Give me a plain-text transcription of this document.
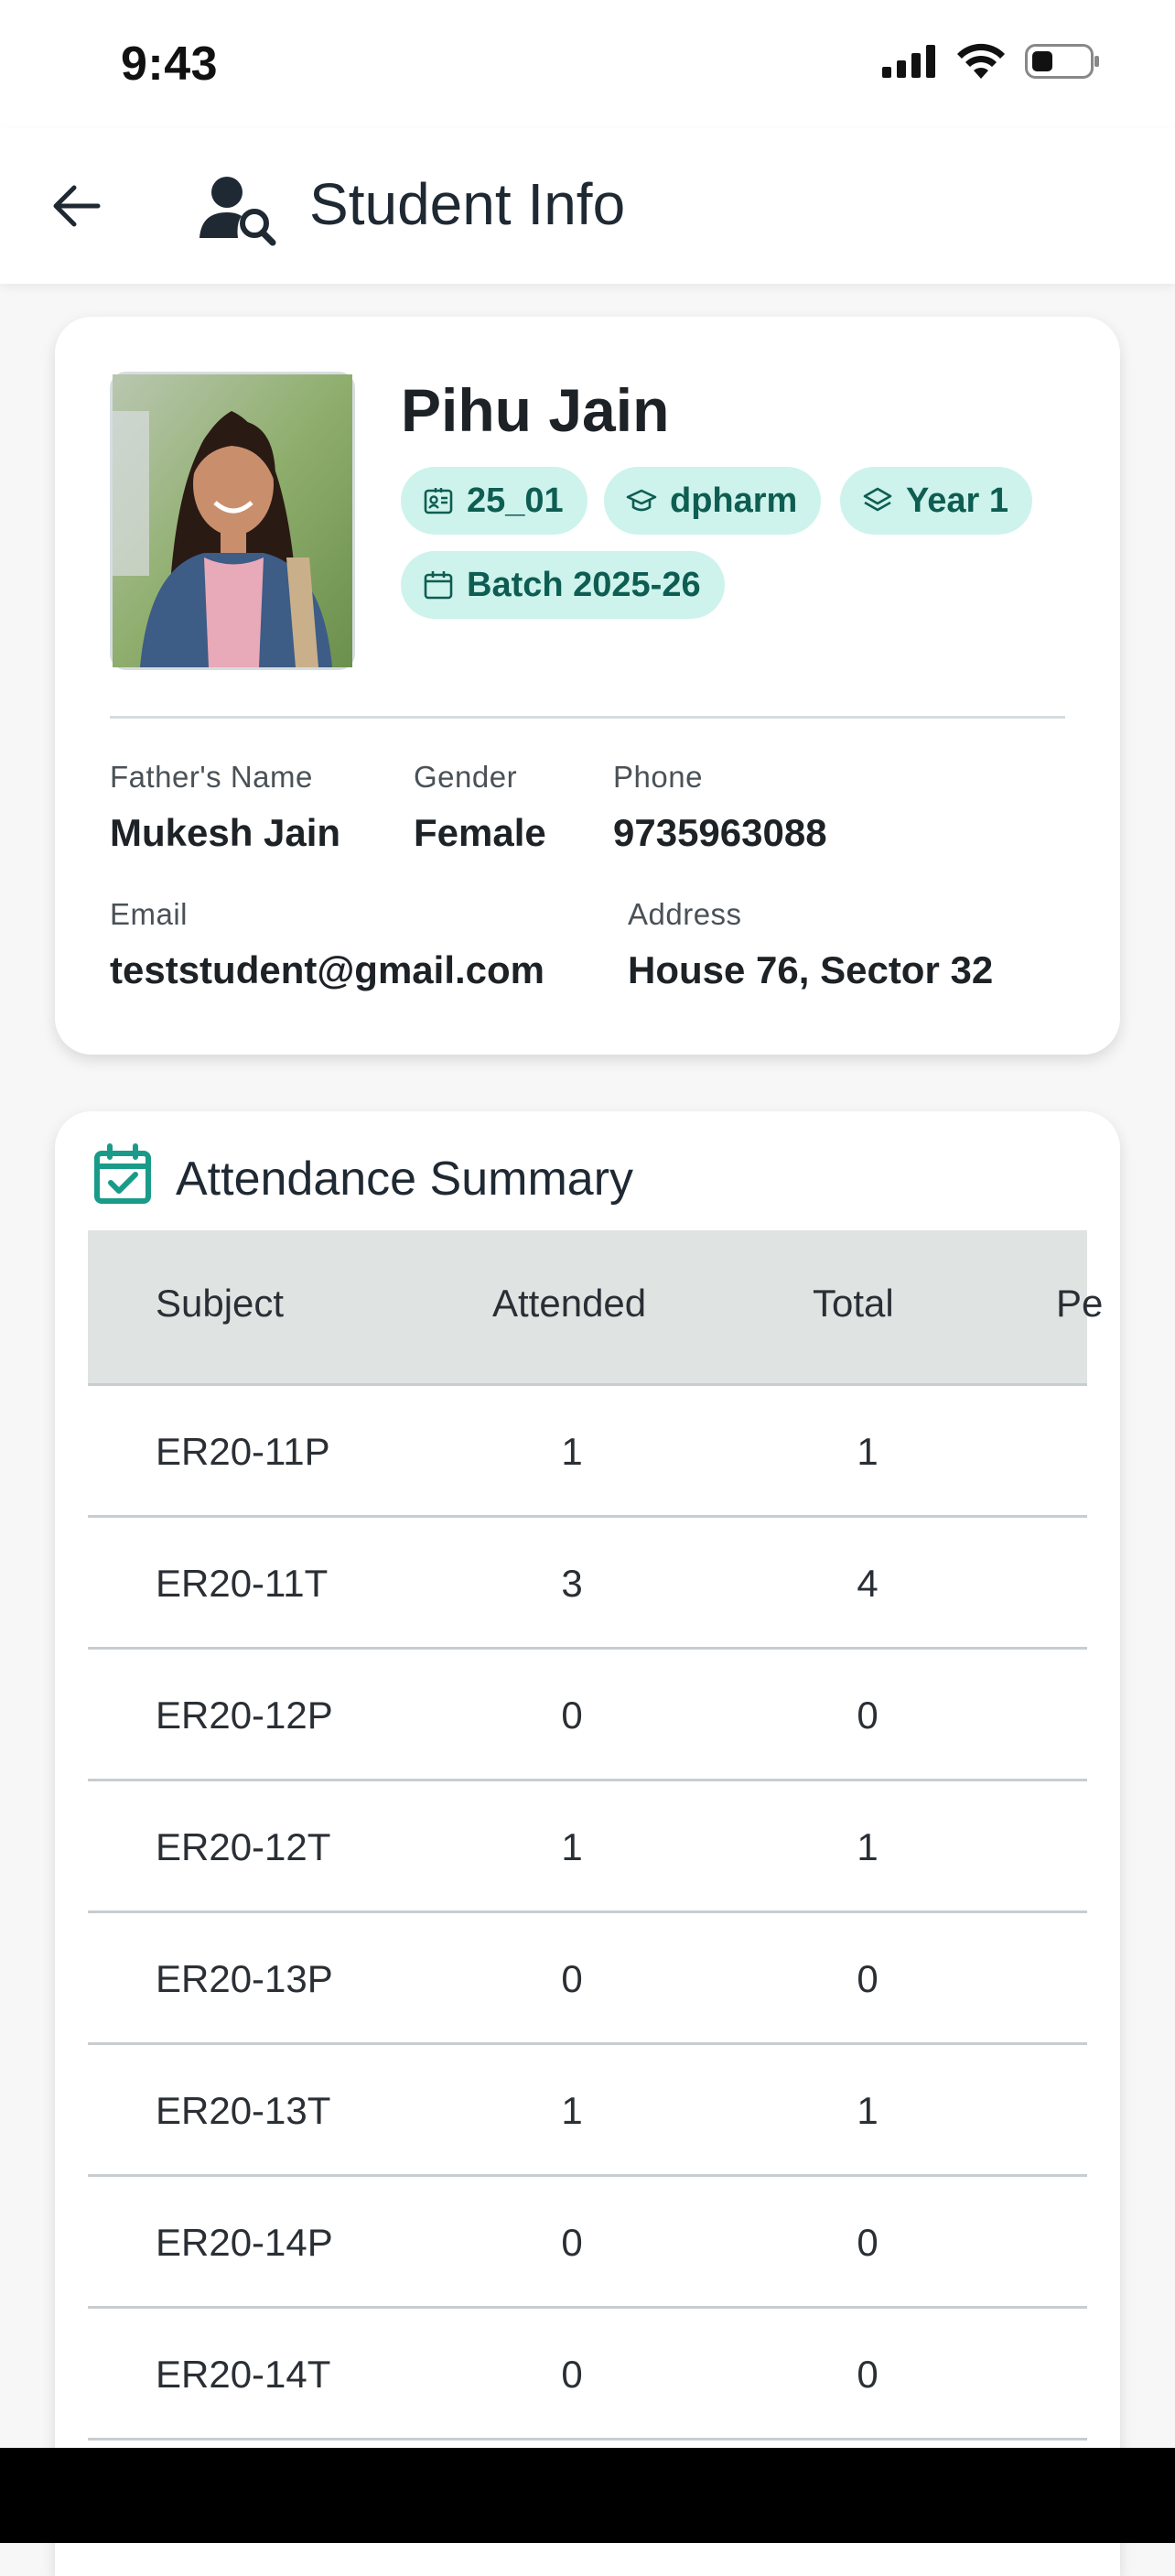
9:43
Student Info
Pihu Jain
25_01	dpharm	Year 1
Batch 2025-26
Father's Name
Mukesh Jain
Gender
Female
Phone
9735963088
Email
teststudent@gmail.com
Address
House 76, Sector 32
Attendance Summary
Subject	Attended	Total	Pe
ER20-11P	1	1
ER20-11T	3	4
ER20-12P	0	0
ER20-12T	1	1
ER20-13P	0	0
ER20-13T	1	1
ER20-14P	0	0
ER20-14T	0	0
